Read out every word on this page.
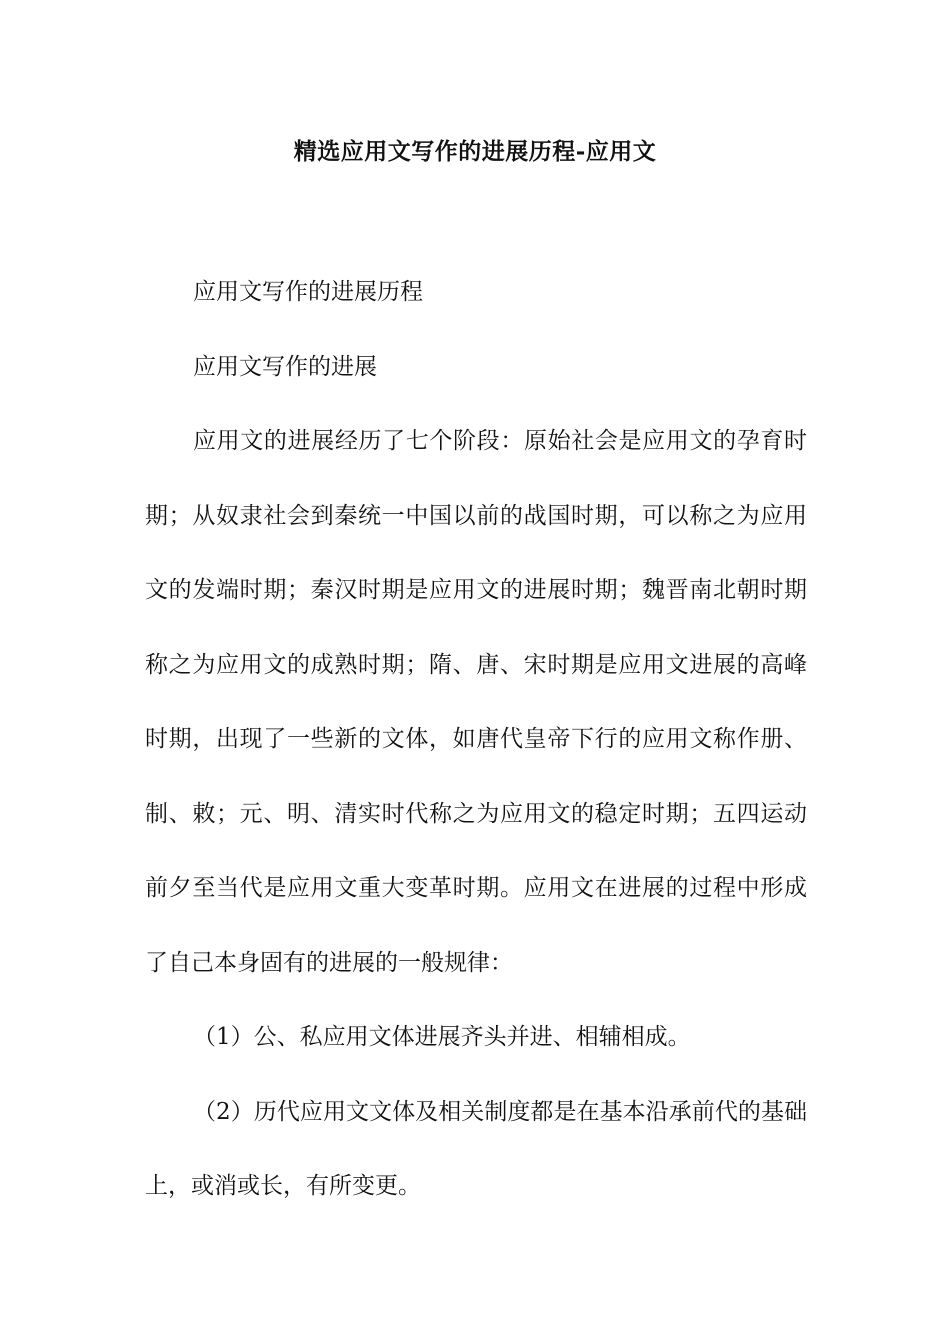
精选应用文写作的进展历程-应用文

应用文写作的进展历程

应用文写作的进展

应用文的进展经历了七个阶段：原始社会是应用文的孕育时期；从奴隶社会到秦统一中国以前的战国时期，可以称之为应用文的发端时期；秦汉时期是应用文的进展时期；魏晋南北朝时期称之为应用文的成熟时期；隋、唐、宋时期是应用文进展的高峰时期，出现了一些新的文体，如唐代皇帝下行的应用文称作册、制、敕；元、明、清实时代称之为应用文的稳定时期；五四运动前夕至当代是应用文重大变革时期。应用文在进展的过程中形成了自己本身固有的进展的一般规律：

（1）公、私应用文体进展齐头并进、相辅相成。

（2）历代应用文文体及相关制度都是在基本沿承前代的基础上，或消或长，有所变更。
